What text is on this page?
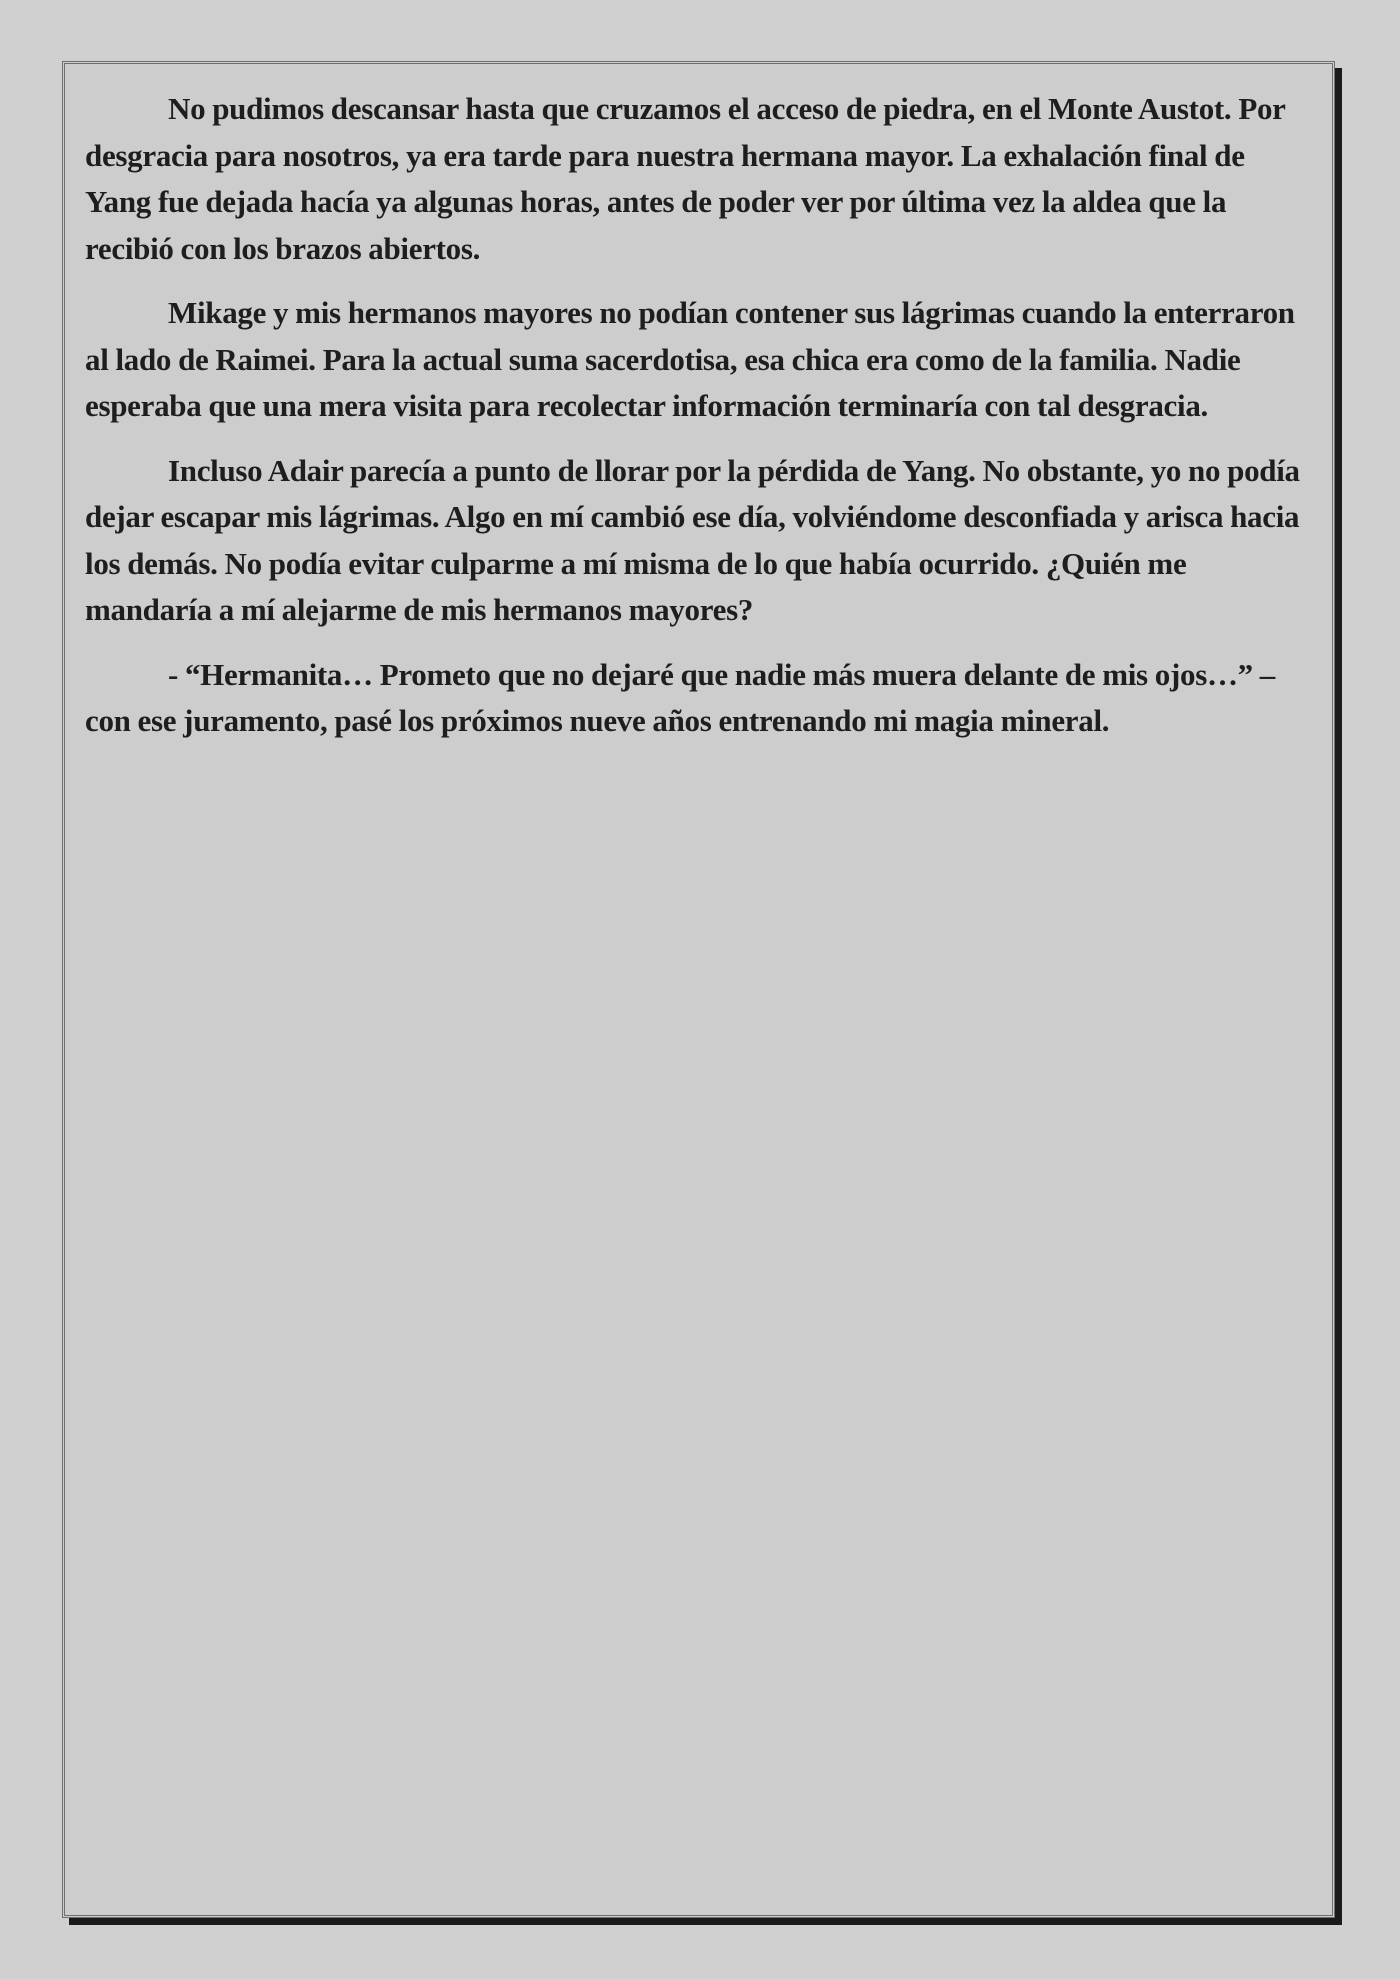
No pudimos descansar hasta que cruzamos el acceso de piedra, en el Monte Austot. Por desgracia para nosotros, ya era tarde para nuestra hermana mayor. La exhalación final de Yang fue dejada hacía ya algunas horas, antes de poder ver por última vez la aldea que la recibió con los brazos abiertos.

Mikage y mis hermanos mayores no podían contener sus lágrimas cuando la enterraron al lado de Raimei. Para la actual suma sacerdotisa, esa chica era como de la familia. Nadie esperaba que una mera visita para recolectar información terminaría con tal desgracia.

Incluso Adair parecía a punto de llorar por la pérdida de Yang. No obstante, yo no podía dejar escapar mis lágrimas. Algo en mí cambió ese día, volviéndome desconfiada y arisca hacia los demás. No podía evitar culparme a mí misma de lo que había ocurrido. ¿Quién me mandaría a mí alejarme de mis hermanos mayores?

- “Hermanita… Prometo que no dejaré que nadie más muera delante de mis ojos…” – con ese juramento, pasé los próximos nueve años entrenando mi magia mineral.
